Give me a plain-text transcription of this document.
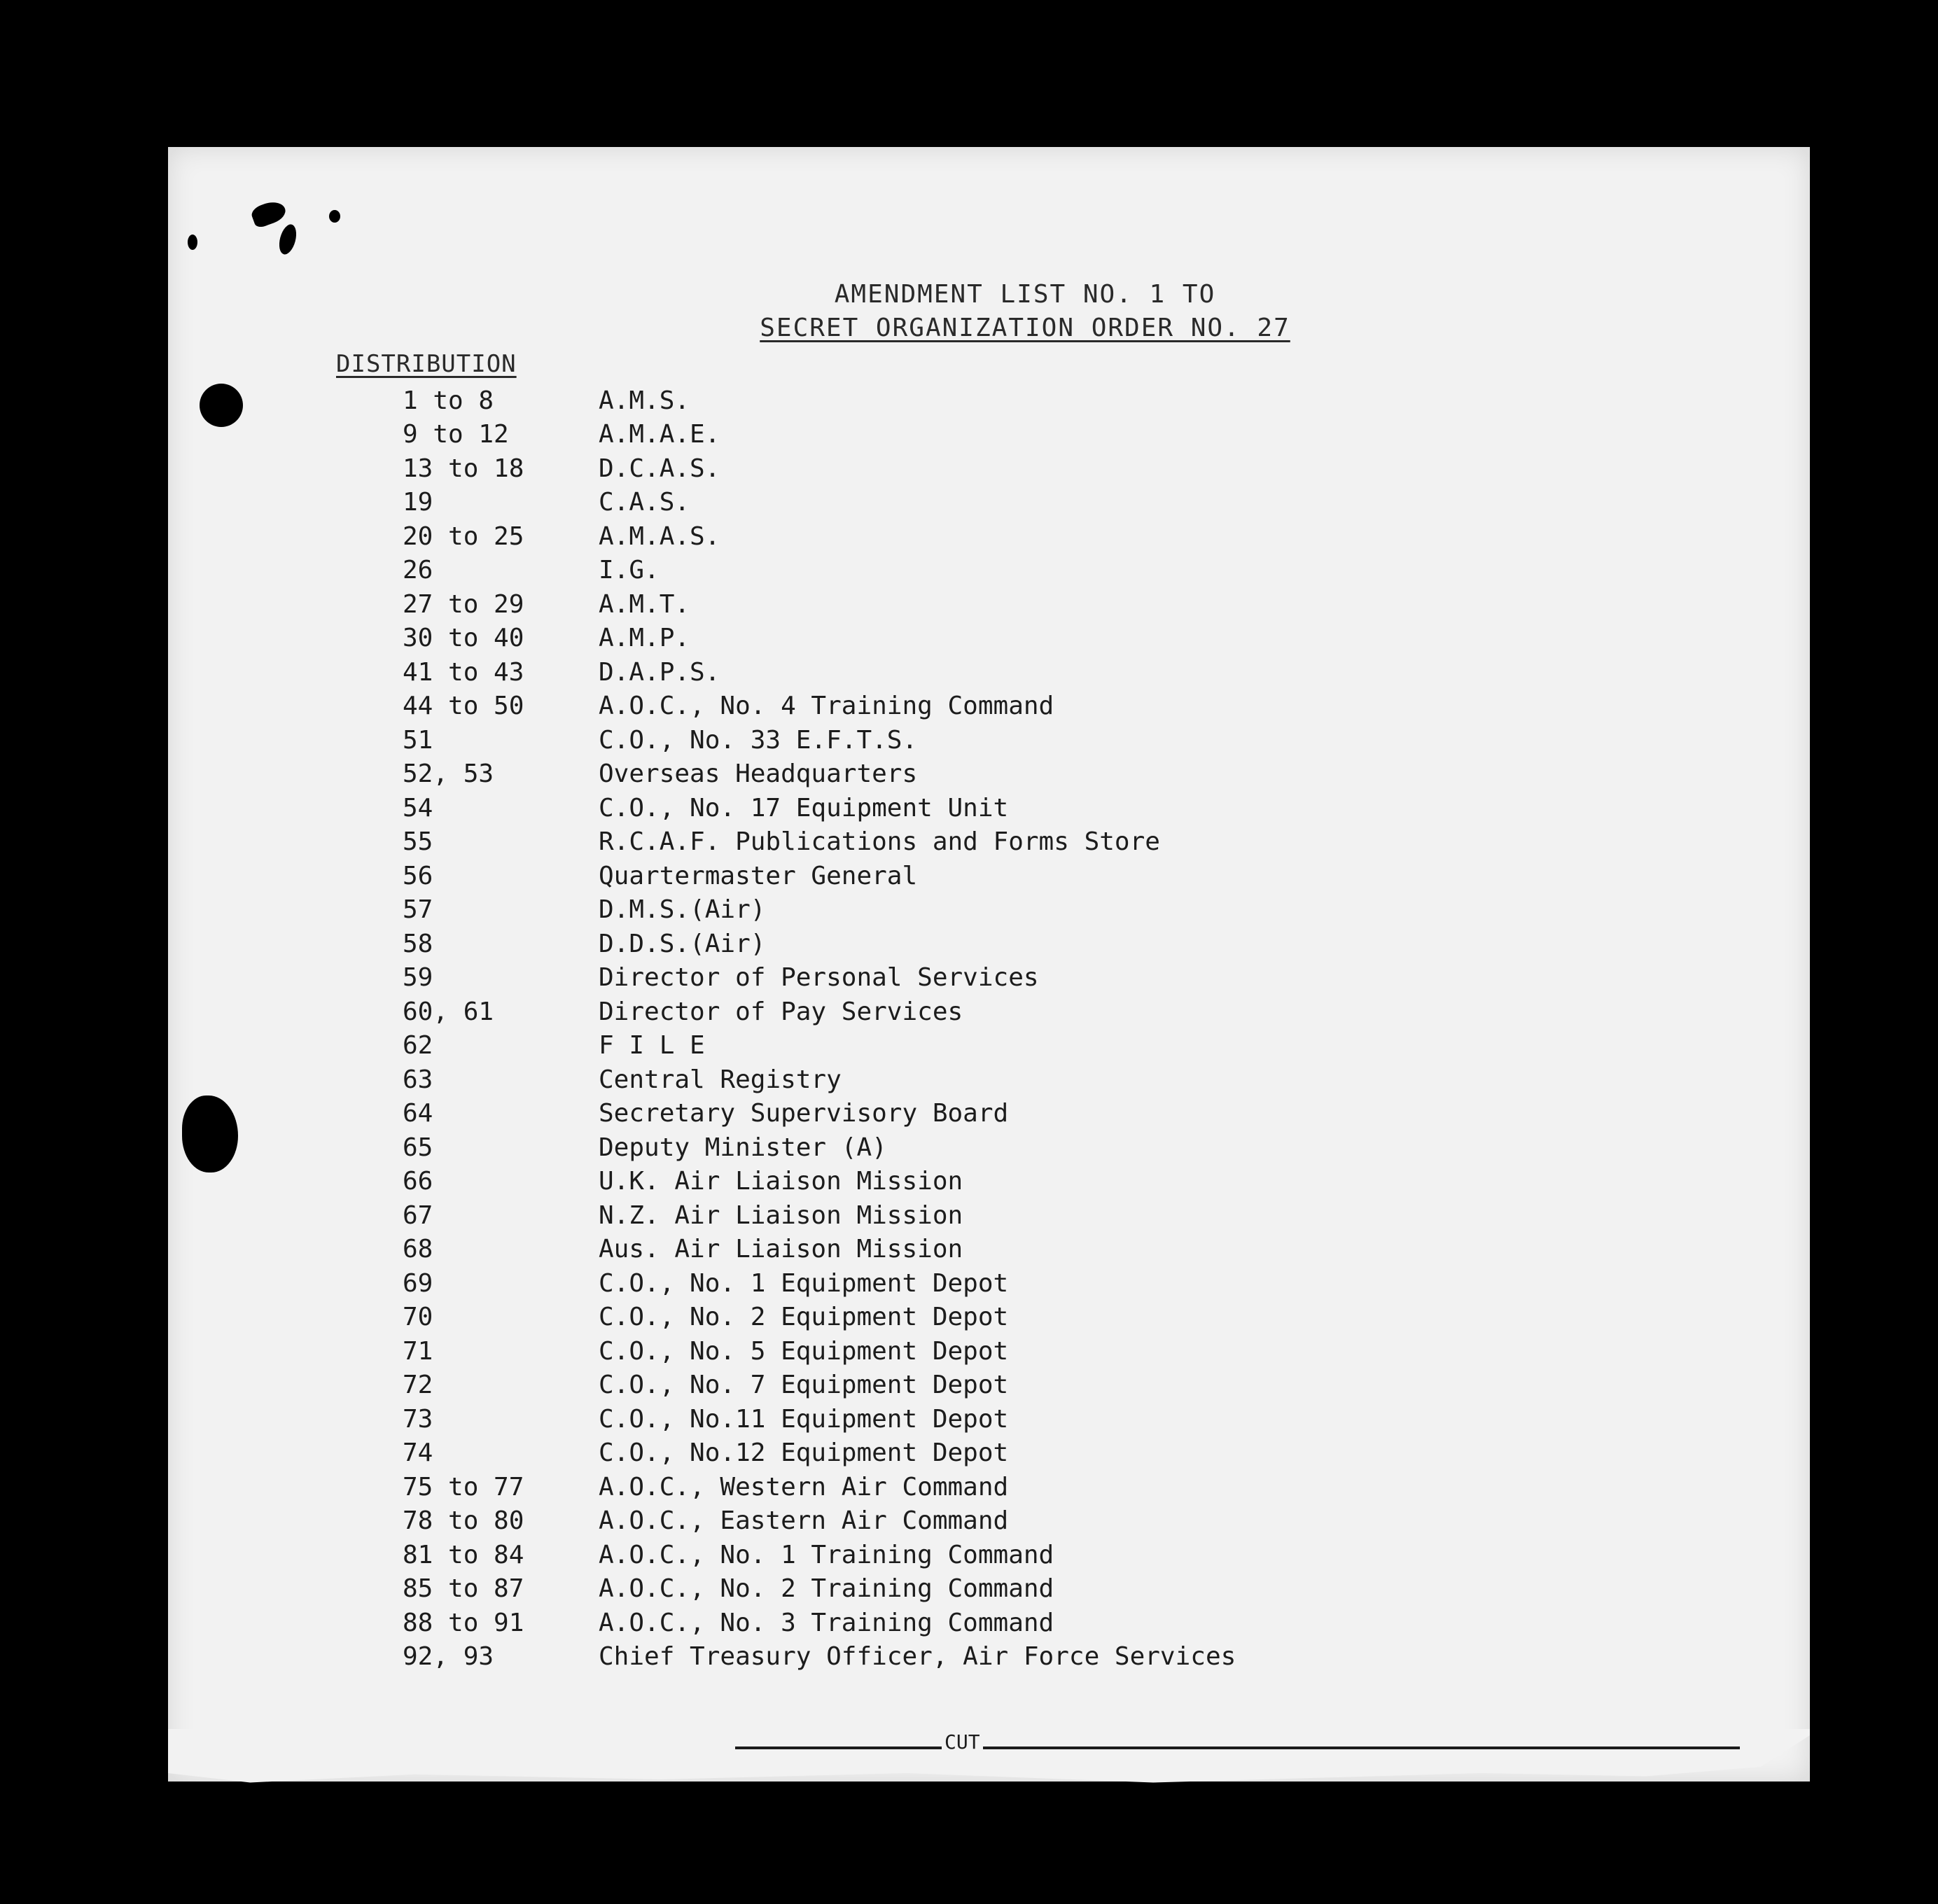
AMENDMENT LIST NO. 1 TO
SECRET ORGANIZATION ORDER NO. 27
DISTRIBUTION
1 to 8	A.M.S.
9 to 12	A.M.A.E.
13 to 18	D.C.A.S.
19	C.A.S.
20 to 25	A.M.A.S.
26	I.G.
27 to 29	A.M.T.
30 to 40	A.M.P.
41 to 43	D.A.P.S.
44 to 50	A.O.C., No. 4 Training Command
51	C.O., No. 33 E.F.T.S.
52, 53	Overseas Headquarters
54	C.O., No. 17 Equipment Unit
55	R.C.A.F. Publications and Forms Store
56	Quartermaster General
57	D.M.S.(Air)
58	D.D.S.(Air)
59	Director of Personal Services
60, 61	Director of Pay Services
62	F I L E
63	Central Registry
64	Secretary Supervisory Board
65	Deputy Minister (A)
66	U.K. Air Liaison Mission
67	N.Z. Air Liaison Mission
68	Aus. Air Liaison Mission
69	C.O., No. 1 Equipment Depot
70	C.O., No. 2 Equipment Depot
71	C.O., No. 5 Equipment Depot
72	C.O., No. 7 Equipment Depot
73	C.O., No.11 Equipment Depot
74	C.O., No.12 Equipment Depot
75 to 77	A.O.C., Western Air Command
78 to 80	A.O.C., Eastern Air Command
81 to 84	A.O.C., No. 1 Training Command
85 to 87	A.O.C., No. 2 Training Command
88 to 91	A.O.C., No. 3 Training Command
92, 93	Chief Treasury Officer, Air Force Services
CUT
